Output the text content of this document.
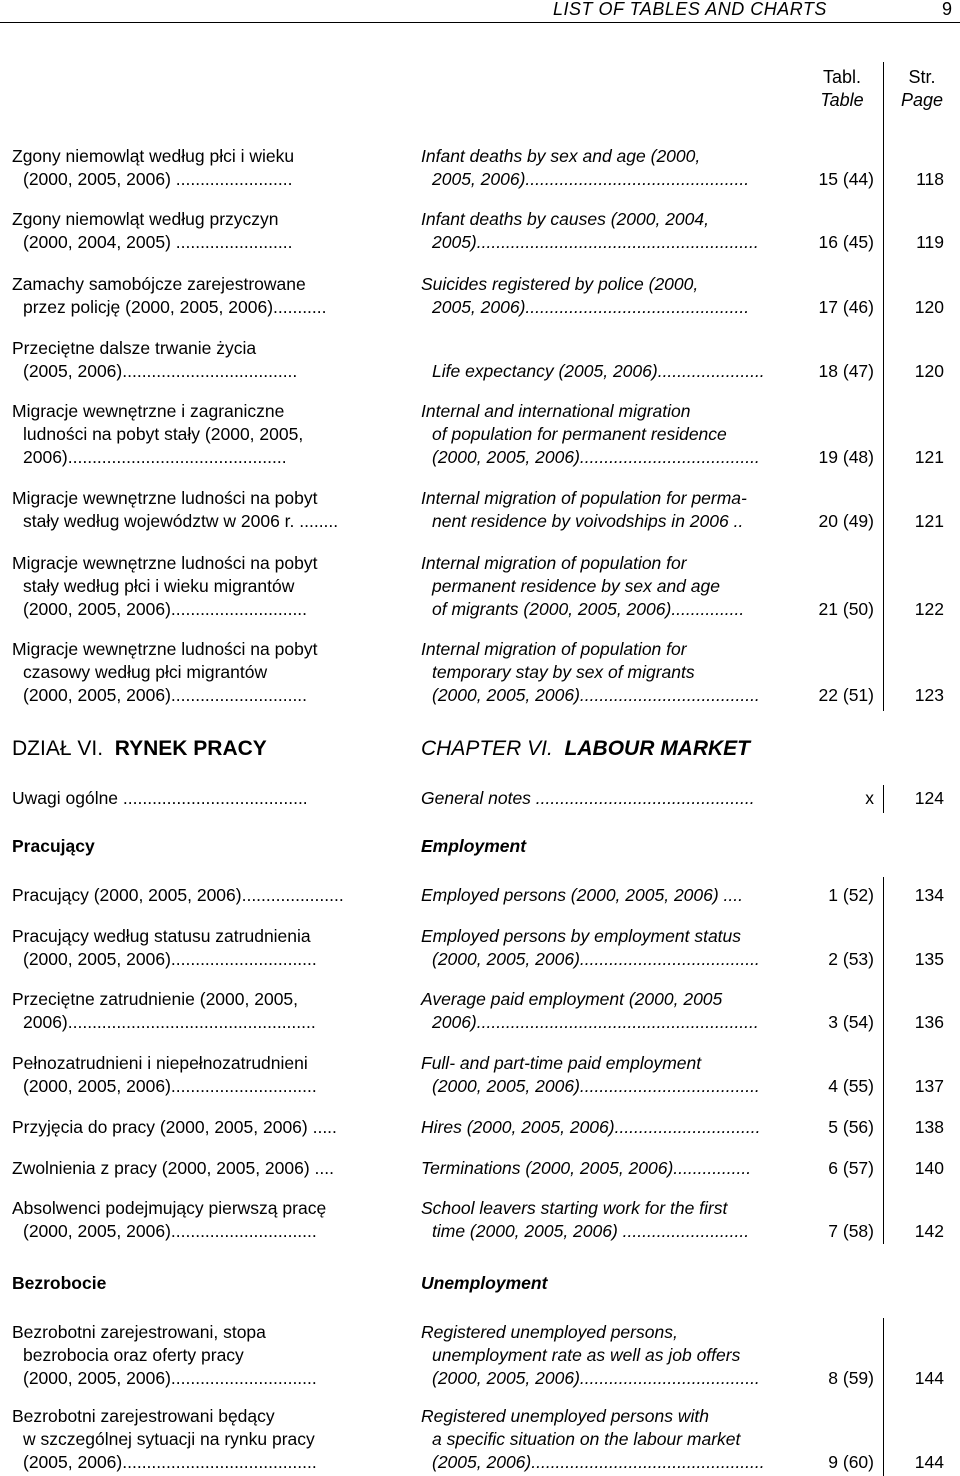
LIST OF TABLES AND CHARTS	9
Tabl.
Table
Str.
Page
Zgony niemowląt według płci i wieku
(2000, 2005, 2006) ........................
Infant deaths by sex and age (2000,
2005, 2006)..............................................	15 (44)	118
Zgony niemowląt według przyczyn
(2000, 2004, 2005) ........................
Infant deaths by causes (2000, 2004,
2005)..........................................................	16 (45)	119
Zamachy samobójcze zarejestrowane
przez policję (2000, 2005, 2006)...........
Suicides registered by police (2000,
2005, 2006)..............................................	17 (46)	120
Przeciętne dalsze trwanie życia
(2005, 2006)....................................
	Life expectancy (2005, 2006)......................	18 (47)	120
Migracje wewnętrzne i zagraniczne
ludności na pobyt stały (2000, 2005,
2006).............................................
Internal and international migration
of population for permanent residence
(2000, 2005, 2006).....................................	19 (48)	121
Migracje wewnętrzne ludności na pobyt
stały według województw w 2006 r. ........
Internal migration of population for perma-
nent residence by voivodships in 2006 ..	20 (49)	121
Migracje wewnętrzne ludności na pobyt
stały według płci i wieku migrantów
(2000, 2005, 2006)............................
Internal migration of population for
permanent residence by sex and age
of migrants (2000, 2005, 2006)...............	21 (50)	122
Migracje wewnętrzne ludności na pobyt
czasowy według płci migrantów
(2000, 2005, 2006)............................
Internal migration of population for
temporary stay by sex of migrants
(2000, 2005, 2006).....................................	22 (51)	123
DZIAŁ VI. RYNEK PRACY	CHAPTER VI. LABOUR MARKET
Uwagi ogólne ......................................	General notes .............................................	x	124
Pracujący	Employment
Pracujący (2000, 2005, 2006).....................	Employed persons (2000, 2005, 2006) ....	1 (52)	134
Pracujący według statusu zatrudnienia
(2000, 2005, 2006)..............................
Employed persons by employment status
(2000, 2005, 2006).....................................	2 (53)	135
Przeciętne zatrudnienie (2000, 2005,
2006)...................................................
Average paid employment (2000, 2005
2006)..........................................................	3 (54)	136
Pełnozatrudnieni i niepełnozatrudnieni
(2000, 2005, 2006)..............................
Full- and part-time paid employment
(2000, 2005, 2006).....................................	4 (55)	137
Przyjęcia do pracy (2000, 2005, 2006) .....	Hires (2000, 2005, 2006)..............................	5 (56)	138
Zwolnienia z pracy (2000, 2005, 2006) ....	Terminations (2000, 2005, 2006)................	6 (57)	140
Absolwenci podejmujący pierwszą pracę
(2000, 2005, 2006)..............................
School leavers starting work for the first
time (2000, 2005, 2006) ..........................	7 (58)	142
Bezrobocie	Unemployment
Bezrobotni zarejestrowani, stopa
bezrobocia oraz oferty pracy
(2000, 2005, 2006)..............................
Registered unemployed persons,
unemployment rate as well as job offers
(2000, 2005, 2006).....................................	8 (59)	144
Bezrobotni zarejestrowani będący
w szczególnej sytuacji na rynku pracy
(2005, 2006)........................................
Registered unemployed persons with
a specific situation on the labour market
(2005, 2006)................................................	9 (60)	144
